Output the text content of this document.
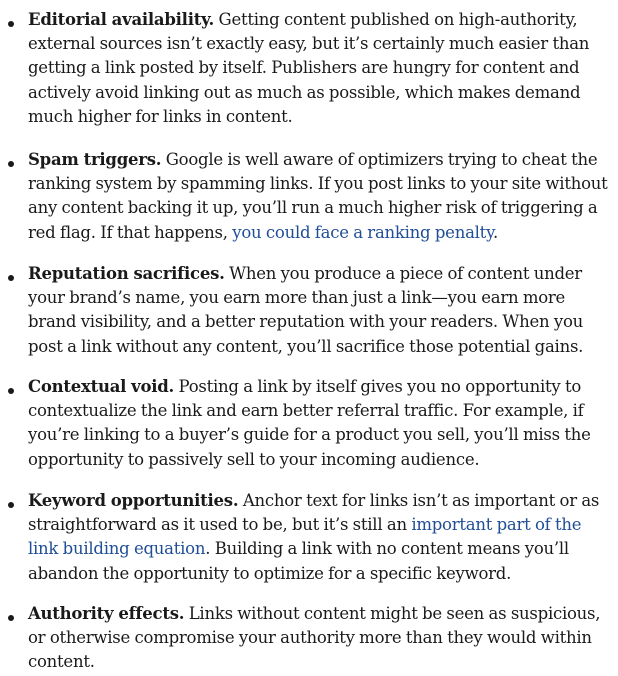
Editorial availability. Getting content published on high-authority, external sources isn’t exactly easy, but it’s certainly much easier than getting a link posted by itself. Publishers are hungry for content and actively avoid linking out as much as possible, which makes demand much higher for links in content.
Spam triggers. Google is well aware of optimizers trying to cheat the ranking system by spamming links. If you post links to your site without any content backing it up, you’ll run a much higher risk of triggering a red flag. If that happens, you could face a ranking penalty.
Reputation sacrifices. When you produce a piece of content under your brand’s name, you earn more than just a link—you earn more brand visibility, and a better reputation with your readers. When you post a link without any content, you’ll sacrifice those potential gains.
Contextual void. Posting a link by itself gives you no opportunity to contextualize the link and earn better referral traffic. For example, if you’re linking to a buyer’s guide for a product you sell, you’ll miss the opportunity to passively sell to your incoming audience.
Keyword opportunities. Anchor text for links isn’t as important or as straightforward as it used to be, but it’s still an important part of the link building equation. Building a link with no content means you’ll abandon the opportunity to optimize for a specific keyword.
Authority effects. Links without content might be seen as suspicious, or otherwise compromise your authority more than they would within content.
